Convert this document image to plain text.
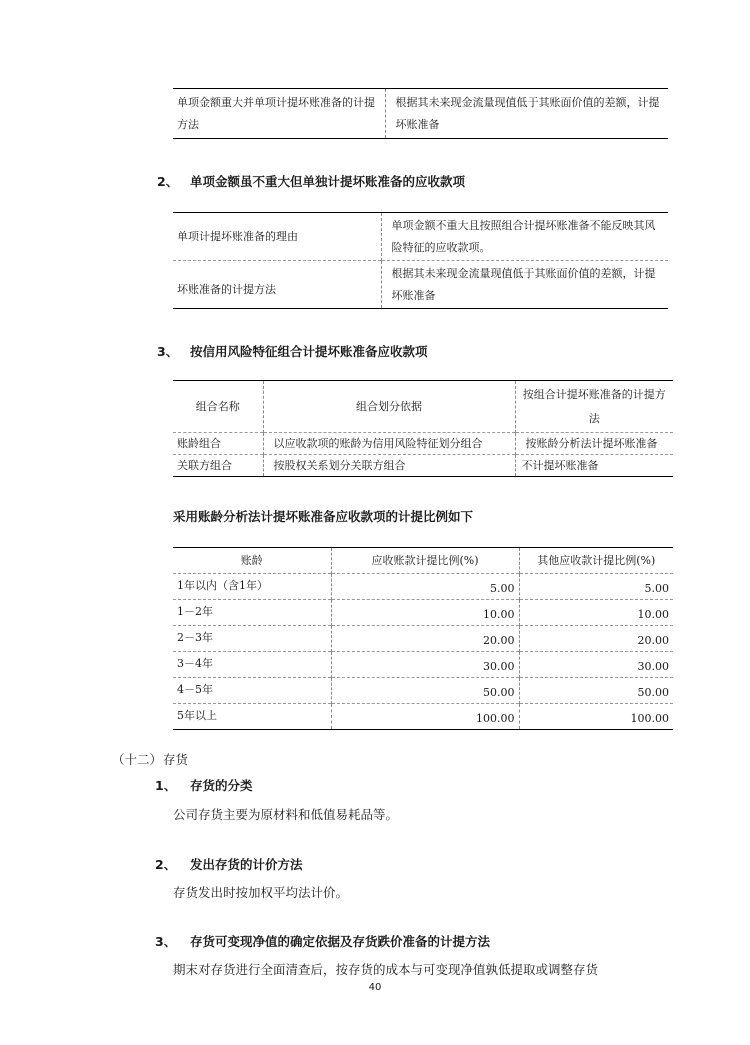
单项金额重大并单项计提坏账准备的计提方法	根据其未来现金流量现值低于其账面价值的差额，计提坏账准备
2、 单项金额虽不重大但单独计提坏账准备的应收款项
单项计提坏账准备的理由	单项金额不重大且按照组合计提坏账准备不能反映其风险特征的应收款项。
坏账准备的计提方法	根据其未来现金流量现值低于其账面价值的差额，计提坏账准备
3、 按信用风险特征组合计提坏账准备应收款项
组合名称	组合划分依据	按组合计提坏账准备的计提方法
账龄组合	以应收款项的账龄为信用风险特征划分组合	按账龄分析法计提坏账准备
关联方组合	按股权关系划分关联方组合	不计提坏账准备
采用账龄分析法计提坏账准备应收款项的计提比例如下
账龄	应收账款计提比例(%)	其他应收款计提比例(%)
1年以内（含1年）	5.00	5.00
1－2年	10.00	10.00
2－3年	20.00	20.00
3－4年	30.00	30.00
4－5年	50.00	50.00
5年以上	100.00	100.00
（十二） 存货
1、 存货的分类
公司存货主要为原材料和低值易耗品等。
2、 发出存货的计价方法
存货发出时按加权平均法计价。
3、 存货可变现净值的确定依据及存货跌价准备的计提方法
期末对存货进行全面清查后，按存货的成本与可变现净值孰低提取或调整存货
40
